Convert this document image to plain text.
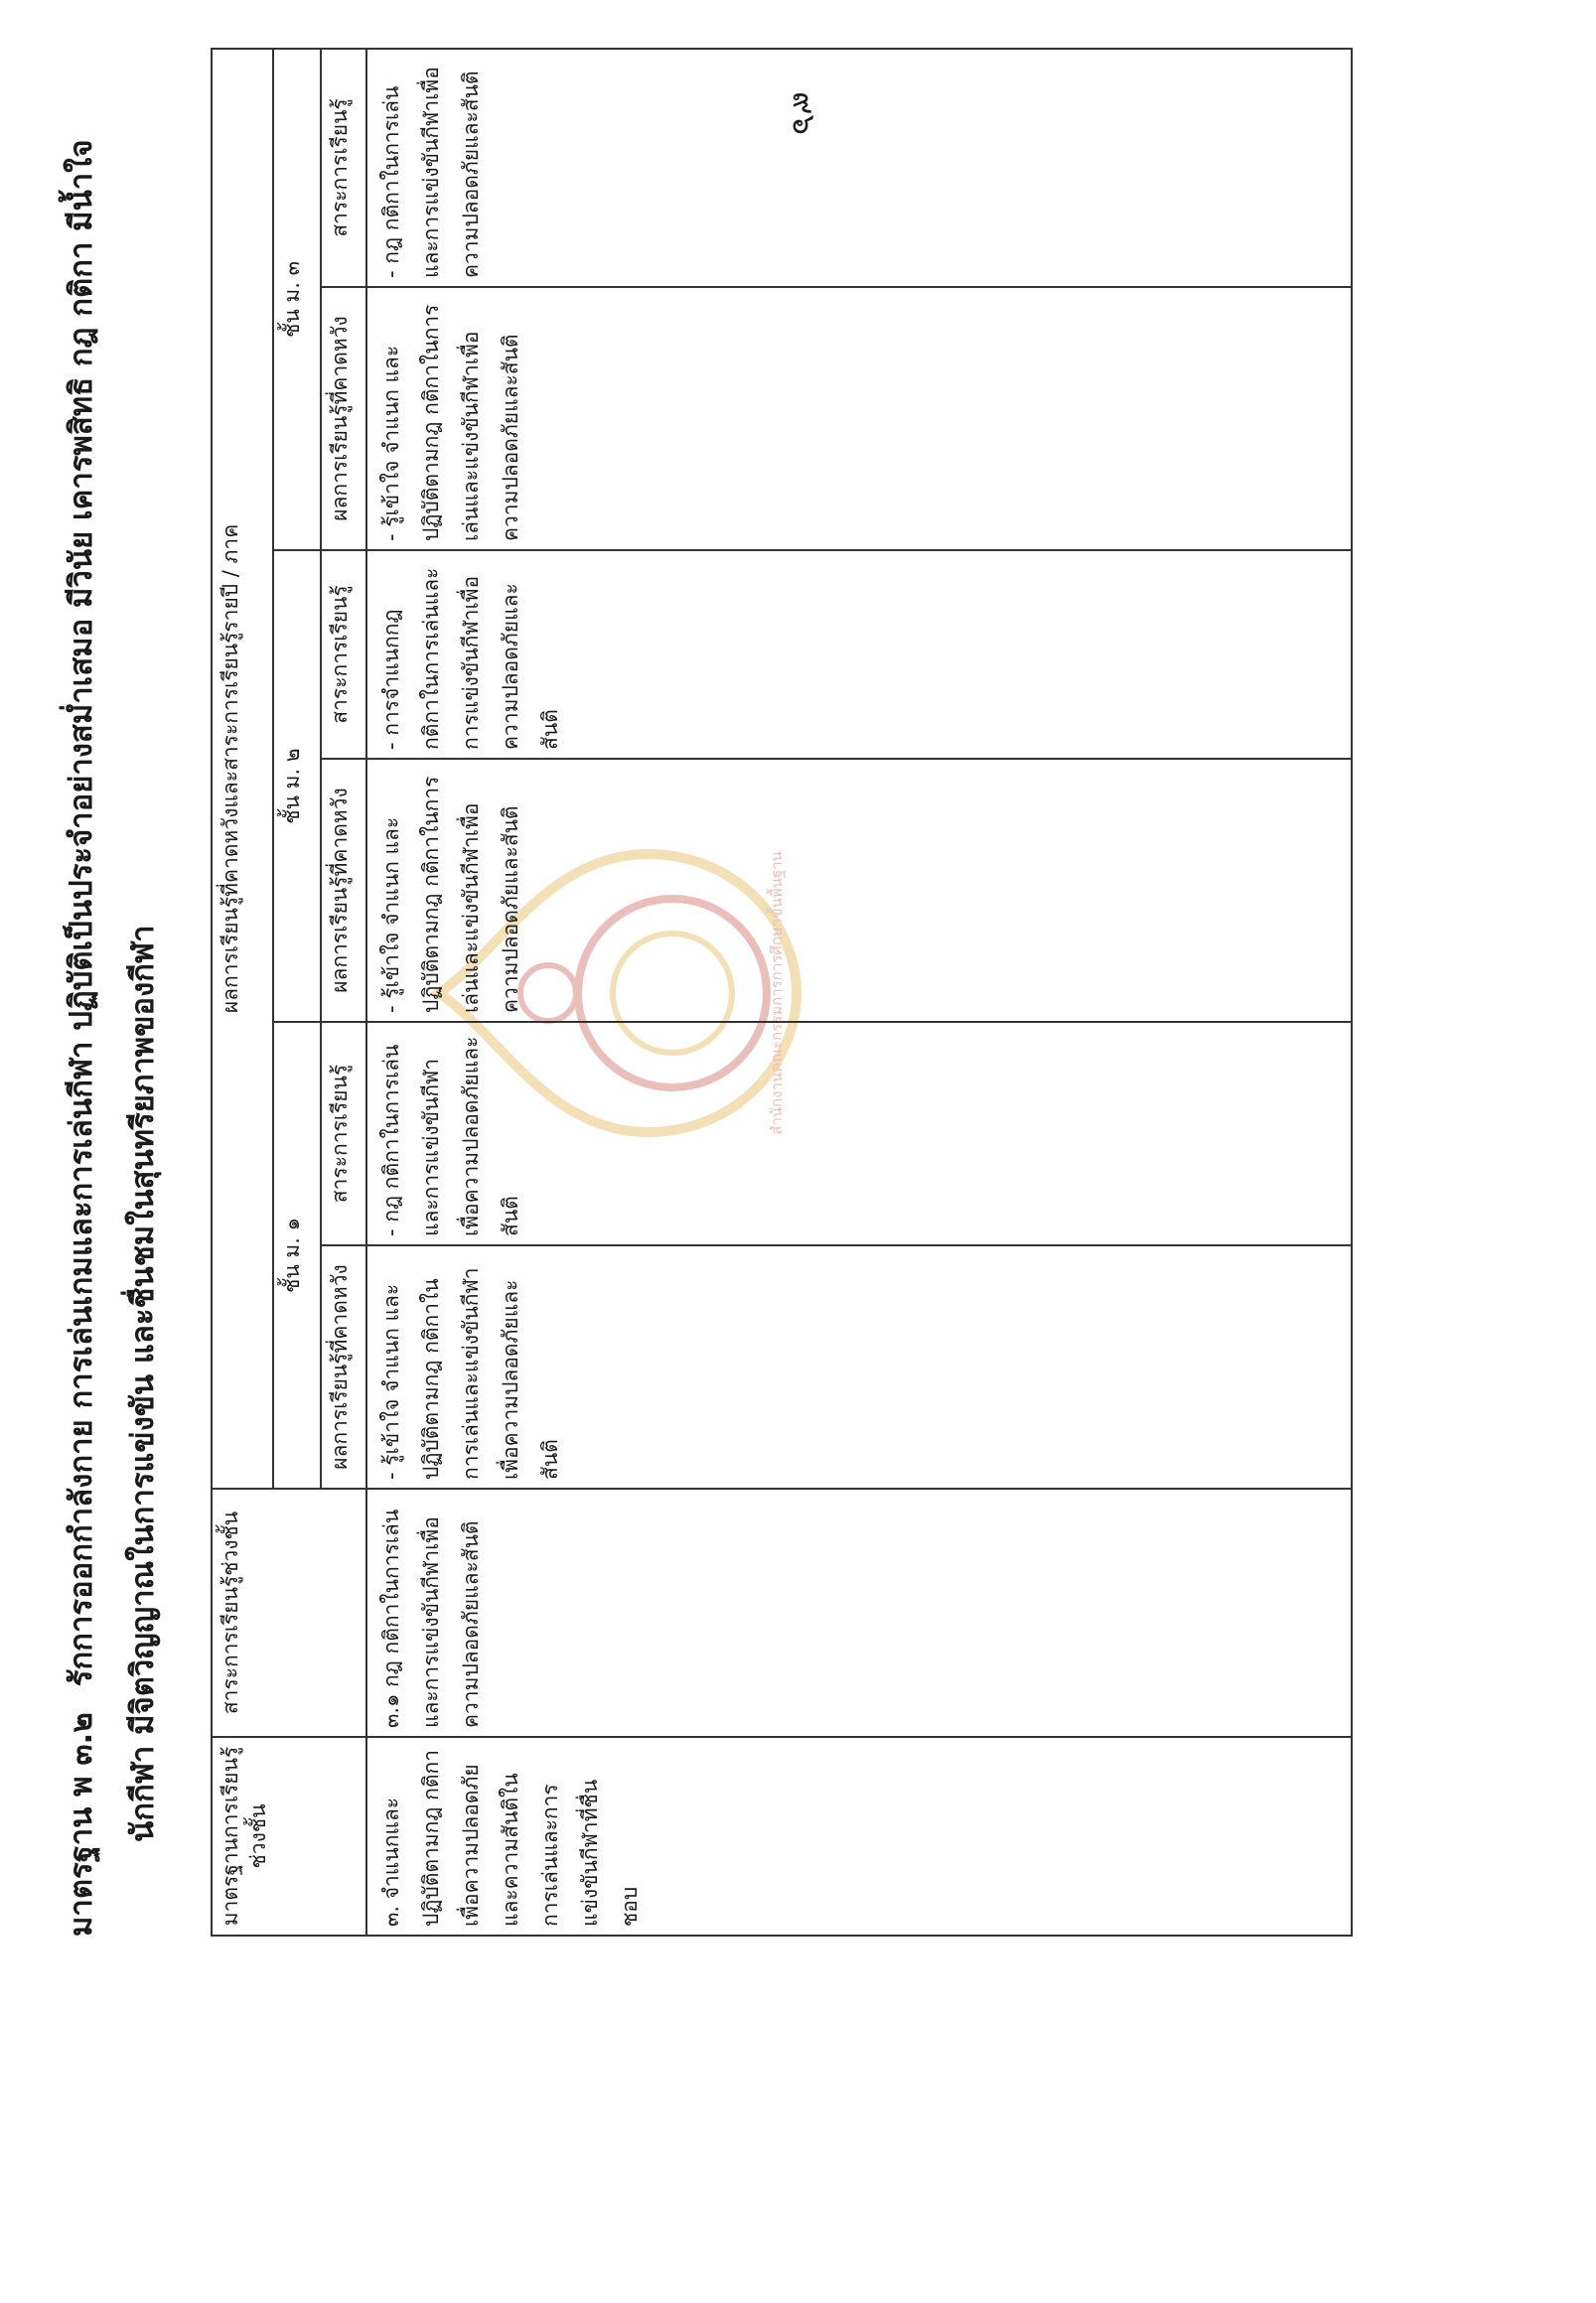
๙๖
มาตรฐาน พ ๓.๒รักการออกกำลังกาย การเล่นเกมและการเล่นกีฬา ปฏิบัติเป็นประจำอย่างสม่ำเสมอ มีวินัย เคารพสิทธิ กฎ กติกา มีน้ำใจ นักกีฬา มีจิตวิญญาณในการแข่งขัน และชื่นชมในสุนทรียภาพของกีฬา	สำนักงานคณะกรรมการการศึกษาขั้นพื้นฐาน
มาตรฐานการเรียนรู้ช่วงชั้น	สาระการเรียนรู้ช่วงชั้น	ผลการเรียนรู้ที่คาดหวังและสาระการเรียนรู้รายปี / ภาค					
		ชั้น ม. ๑		ชั้น ม. ๒		ชั้น ม. ๓	
		ผลการเรียนรู้ที่คาดหวัง	สาระการเรียนรู้	ผลการเรียนรู้ที่คาดหวัง	สาระการเรียนรู้	ผลการเรียนรู้ที่คาดหวัง	สาระการเรียนรู้

๓. จำแนกและปฏิบัติตามกฎ กติกา เพื่อความปลอดภัยและความสันติในการเล่นและการแข่งขันกีฬาที่ชื่นชอบ	๓.๑ กฎ กติกาในการเล่นและการแข่งขันกีฬาเพื่อความปลอดภัยและสันติ	- รู้เข้าใจ จำแนก และปฏิบัติตามกฎ กติกาในการเล่นและแข่งขันกีฬาเพื่อความปลอดภัยและสันติ	- กฎ กติกาในการเล่นและการแข่งขันกีฬาเพื่อความปลอดภัยและสันติ	- รู้เข้าใจ จำแนก และปฏิบัติตามกฎ กติกาในการเล่นและแข่งขันกีฬาเพื่อความปลอดภัยและสันติ	- การจำแนกกฎ กติกาในการเล่นและการแข่งขันกีฬาเพื่อความปลอดภัยและสันติ	- รู้เข้าใจ จำแนก และปฏิบัติตามกฎ กติกาในการเล่นและแข่งขันกีฬาเพื่อความปลอดภัยและสันติ	- กฎ กติกาในการเล่นและการแข่งขันกีฬาเพื่อความปลอดภัยและสันติ
